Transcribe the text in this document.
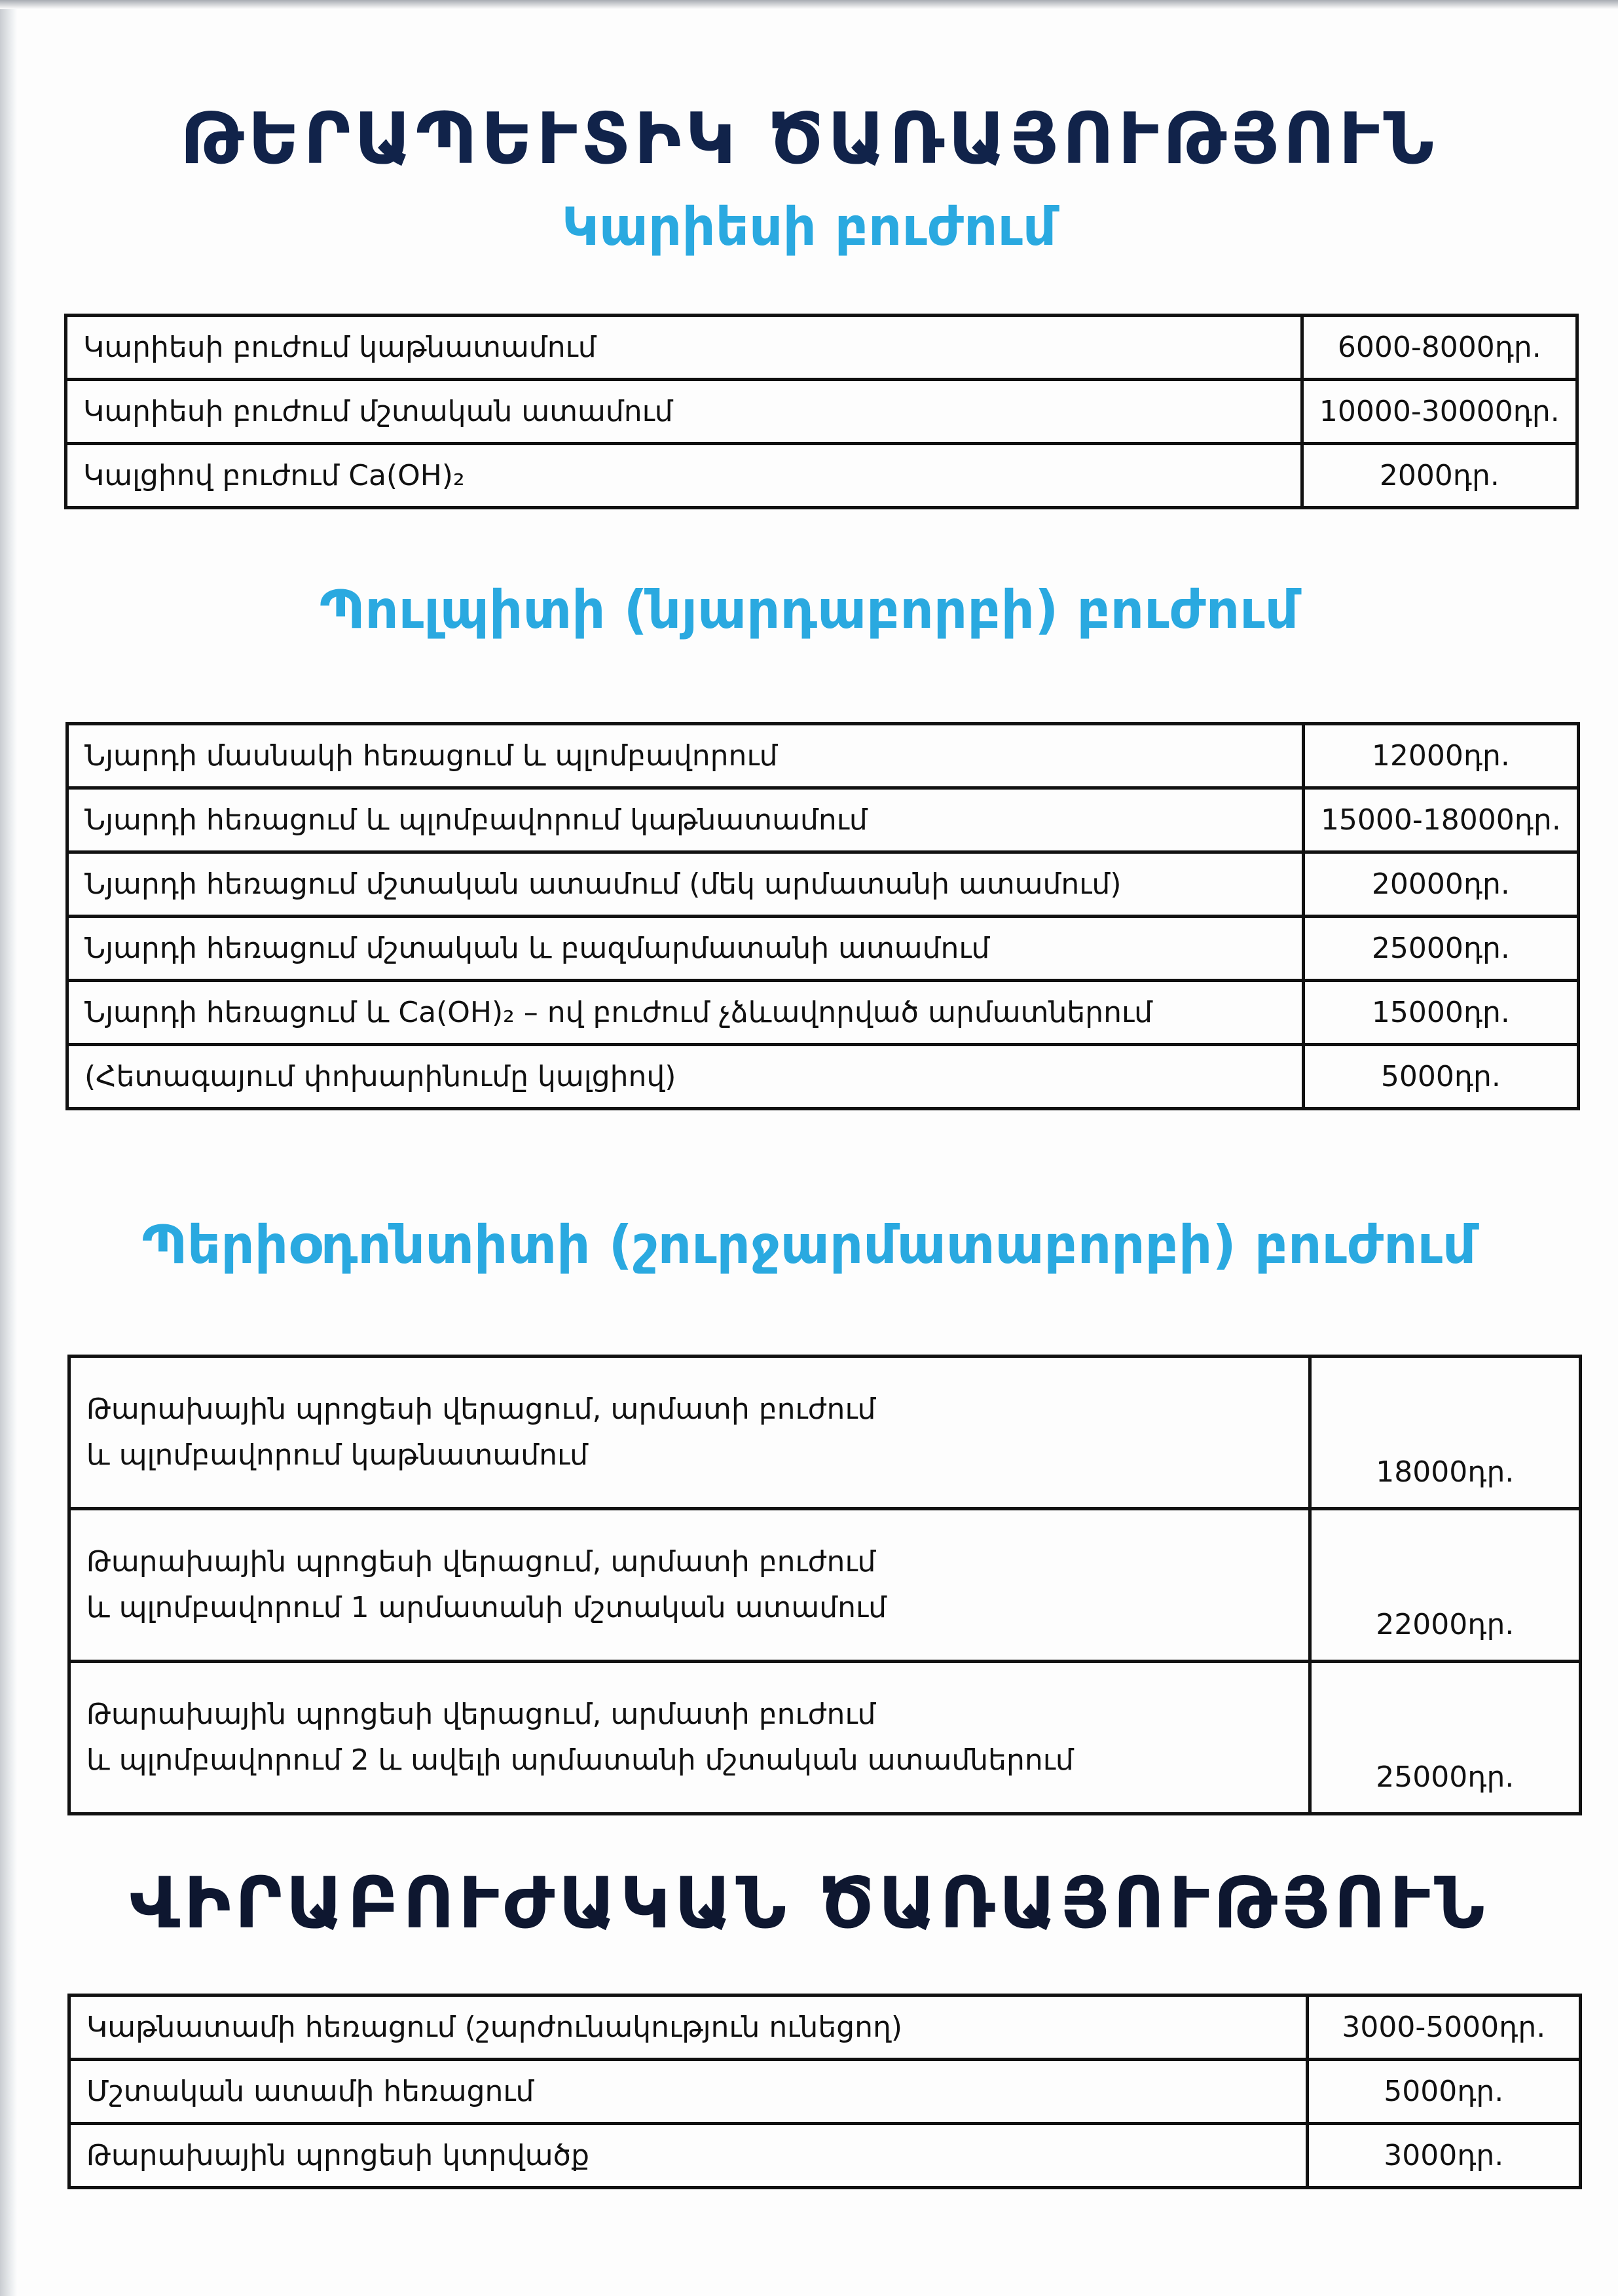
ԹԵՐԱՊԵՒՏԻԿ ԾԱՌԱՅՈՒԹՅՈՒՆ
Կարիեսի բուժում
Կարիեսի բուժում կաթնատամում	6000-8000դր.
Կարիեսի բուժում մշտական ատամում	10000-30000դր.
Կալցիով բուժում Ca(OH)₂	2000դր.
Պուլպիտի (նյարդաբորբի) բուժում
Նյարդի մասնակի հեռացում և պլոմբավորում	12000դր.
Նյարդի հեռացում և պլոմբավորում կաթնատամում	15000-18000դր.
Նյարդի հեռացում մշտական ատամում (մեկ արմատանի ատամում)	20000դր.
Նյարդի հեռացում մշտական և բազմարմատանի ատամում	25000դր.
Նյարդի հեռացում և Ca(OH)₂ – ով բուժում չձևավորված արմատներում	15000դր.
(Հետագայում փոխարինումը կալցիով)	5000դր.
Պերիօդոնտիտի (շուրջարմատաբորբի) բուժում
Թարախային պրոցեսի վերացում, արմատի բուժում
և պլոմբավորում կաթնատամում	18000դր.

Թարախային պրոցեսի վերացում, արմատի բուժում
և պլոմբավորում 1 արմատանի մշտական ատամում	22000դր.

Թարախային պրոցեսի վերացում, արմատի բուժում
և պլոմբավորում 2 և ավելի արմատանի մշտական ատամներում	25000դր.
ՎԻՐԱԲՈՒԺԱԿԱՆ ԾԱՌԱՅՈՒԹՅՈՒՆ
Կաթնատամի հեռացում (շարժունակություն ունեցող)	3000-5000դր.
Մշտական ատամի հեռացում	5000դր.
Թարախային պրոցեսի կտրվածք	3000դր.
